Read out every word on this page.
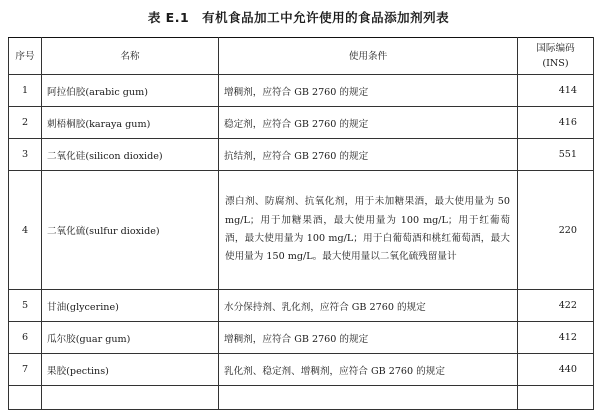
表 E.1　有机食品加工中允许使用的食品添加剂列表
序号	名称	使用条件	国际编码
(INS)

1	阿拉伯胶(arabic gum)	增稠剂，应符合 GB 2760 的规定	414
2	刺梧桐胶(karaya gum)	稳定剂，应符合 GB 2760 的规定	416
3	二氧化硅(silicon dioxide)	抗结剂，应符合 GB 2760 的规定	551
4	二氧化硫(sulfur dioxide)	漂白剂、防腐剂、抗氧化剂，用于未加糖果酒，最大使用量为 50 mg/L；用于加糖果酒，最大使用量为 100 mg/L；用于红葡萄酒，最大使用量为 100 mg/L；用于白葡萄酒和桃红葡萄酒，最大使用量为 150 mg/L。最大使用量以二氧化硫残留量计	220
5	甘油(glycerine)	水分保持剂、乳化剂，应符合 GB 2760 的规定	422
6	瓜尔胶(guar gum)	增稠剂，应符合 GB 2760 的规定	412
7	果胶(pectins)	乳化剂、稳定剂、增稠剂，应符合 GB 2760 的规定	440
